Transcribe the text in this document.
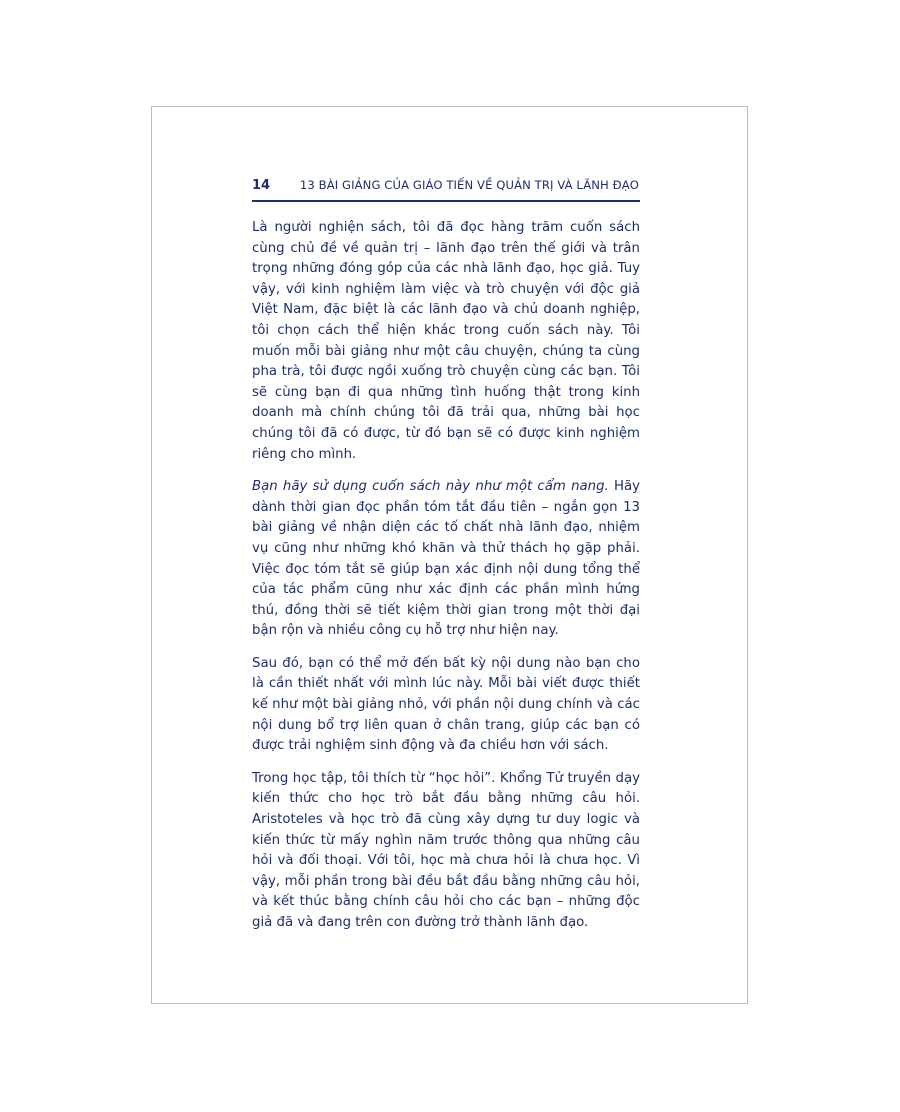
14	13 BÀI GIẢNG CỦA GIÁO TIẾN VỀ QUẢN TRỊ VÀ LÃNH ĐẠO

Là người nghiện sách, tôi đã đọc hàng trăm cuốn sách cùng chủ đề về quản trị – lãnh đạo trên thế giới và trân trọng những đóng góp của các nhà lãnh đạo, học giả. Tuy vậy, với kinh nghiệm làm việc và trò chuyện với độc giả Việt Nam, đặc biệt là các lãnh đạo và chủ doanh nghiệp, tôi chọn cách thể hiện khác trong cuốn sách này. Tôi muốn mỗi bài giảng như một câu chuyện, chúng ta cùng pha trà, tôi được ngồi xuống trò chuyện cùng các bạn. Tôi sẽ cùng bạn đi qua những tình huống thật trong kinh doanh mà chính chúng tôi đã trải qua, những bài học chúng tôi đã có được, từ đó bạn sẽ có được kinh nghiệm riêng cho mình.

Bạn hãy sử dụng cuốn sách này như một cẩm nang. Hãy dành thời gian đọc phần tóm tắt đầu tiên – ngắn gọn 13 bài giảng về nhận diện các tố chất nhà lãnh đạo, nhiệm vụ cũng như những khó khăn và thử thách họ gặp phải. Việc đọc tóm tắt sẽ giúp bạn xác định nội dung tổng thể của tác phẩm cũng như xác định các phần mình hứng thú, đồng thời sẽ tiết kiệm thời gian trong một thời đại bận rộn và nhiều công cụ hỗ trợ như hiện nay.

Sau đó, bạn có thể mở đến bất kỳ nội dung nào bạn cho là cần thiết nhất với mình lúc này. Mỗi bài viết được thiết kế như một bài giảng nhỏ, với phần nội dung chính và các nội dung bổ trợ liên quan ở chân trang, giúp các bạn có được trải nghiệm sinh động và đa chiều hơn với sách.

Trong học tập, tôi thích từ “học hỏi”. Khổng Tử truyền dạy kiến thức cho học trò bắt đầu bằng những câu hỏi. Aristoteles và học trò đã cùng xây dựng tư duy logic và kiến thức từ mấy nghìn năm trước thông qua những câu hỏi và đối thoại. Với tôi, học mà chưa hỏi là chưa học. Vì vậy, mỗi phần trong bài đều bắt đầu bằng những câu hỏi, và kết thúc bằng chính câu hỏi cho các bạn – những độc giả đã và đang trên con đường trở thành lãnh đạo.
